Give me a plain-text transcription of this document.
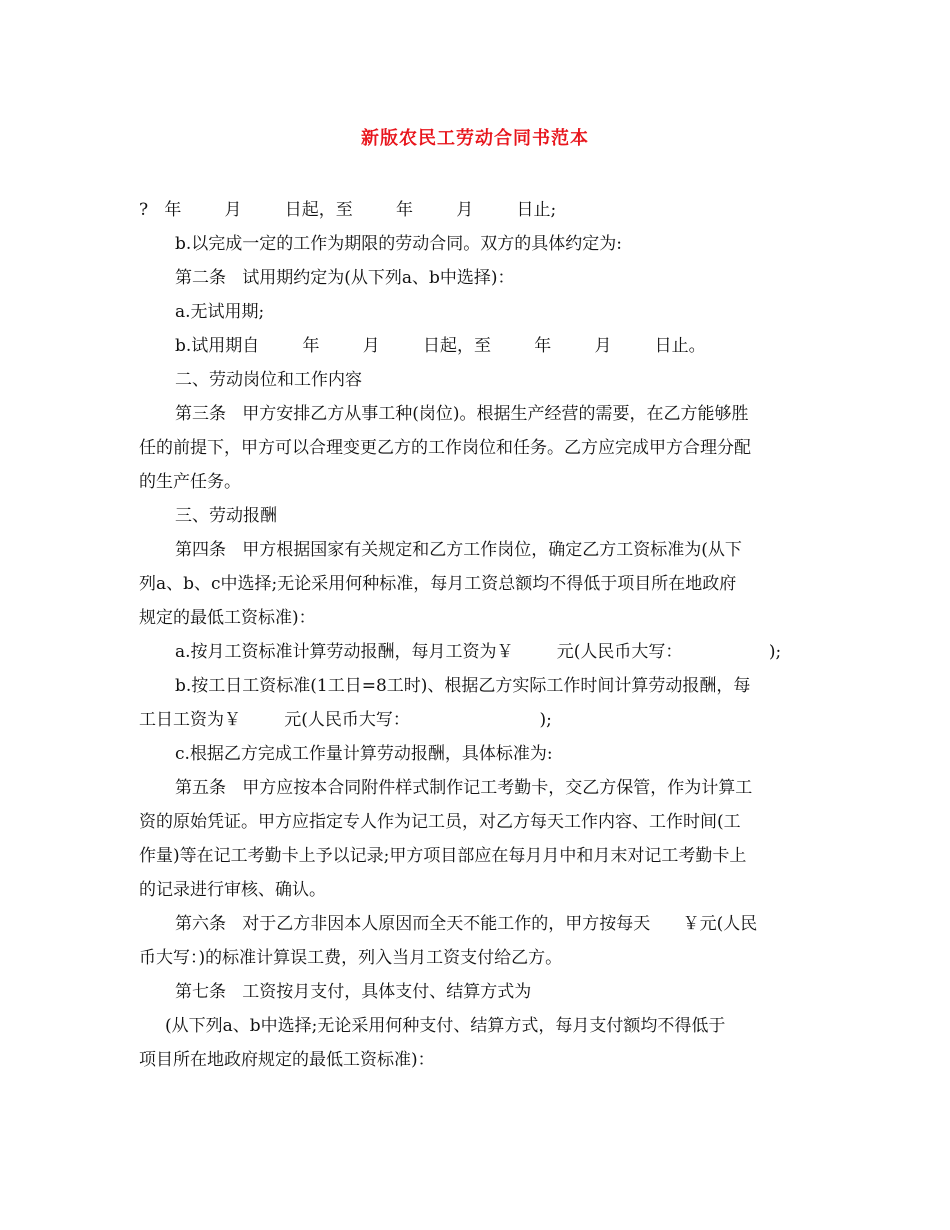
新版农民工劳动合同书范本
?   年        月        日起，至        年        月        日止;
b.以完成一定的工作为期限的劳动合同。双方的具体约定为:
第二条   试用期约定为(从下列a、b中选择)：
a.无试用期;
b.试用期自        年        月        日起，至        年        月        日止。
二、劳动岗位和工作内容
第三条   甲方安排乙方从事工种(岗位)。根据生产经营的需要，在乙方能够胜
任的前提下，甲方可以合理变更乙方的工作岗位和任务。乙方应完成甲方合理分配
的生产任务。
三、劳动报酬
第四条   甲方根据国家有关规定和乙方工作岗位，确定乙方工资标准为(从下
列a、b、c中选择;无论采用何种标准，每月工资总额均不得低于项目所在地政府
规定的最低工资标准)：
a.按月工资标准计算劳动报酬，每月工资为￥        元(人民币大写：                );
b.按工日工资标准(1工日=8工时)、根据乙方实际工作时间计算劳动报酬，每
工日工资为￥        元(人民币大写：                        );
c.根据乙方完成工作量计算劳动报酬，具体标准为:
第五条   甲方应按本合同附件样式制作记工考勤卡，交乙方保管，作为计算工
资的原始凭证。甲方应指定专人作为记工员，对乙方每天工作内容、工作时间(工
作量)等在记工考勤卡上予以记录;甲方项目部应在每月月中和月末对记工考勤卡上
的记录进行审核、确认。
第六条   对于乙方非因本人原因而全天不能工作的，甲方按每天      ￥元(人民
币大写：)的标准计算误工费，列入当月工资支付给乙方。
第七条   工资按月支付，具体支付、结算方式为
(从下列a、b中选择;无论采用何种支付、结算方式，每月支付额均不得低于
项目所在地政府规定的最低工资标准)：
